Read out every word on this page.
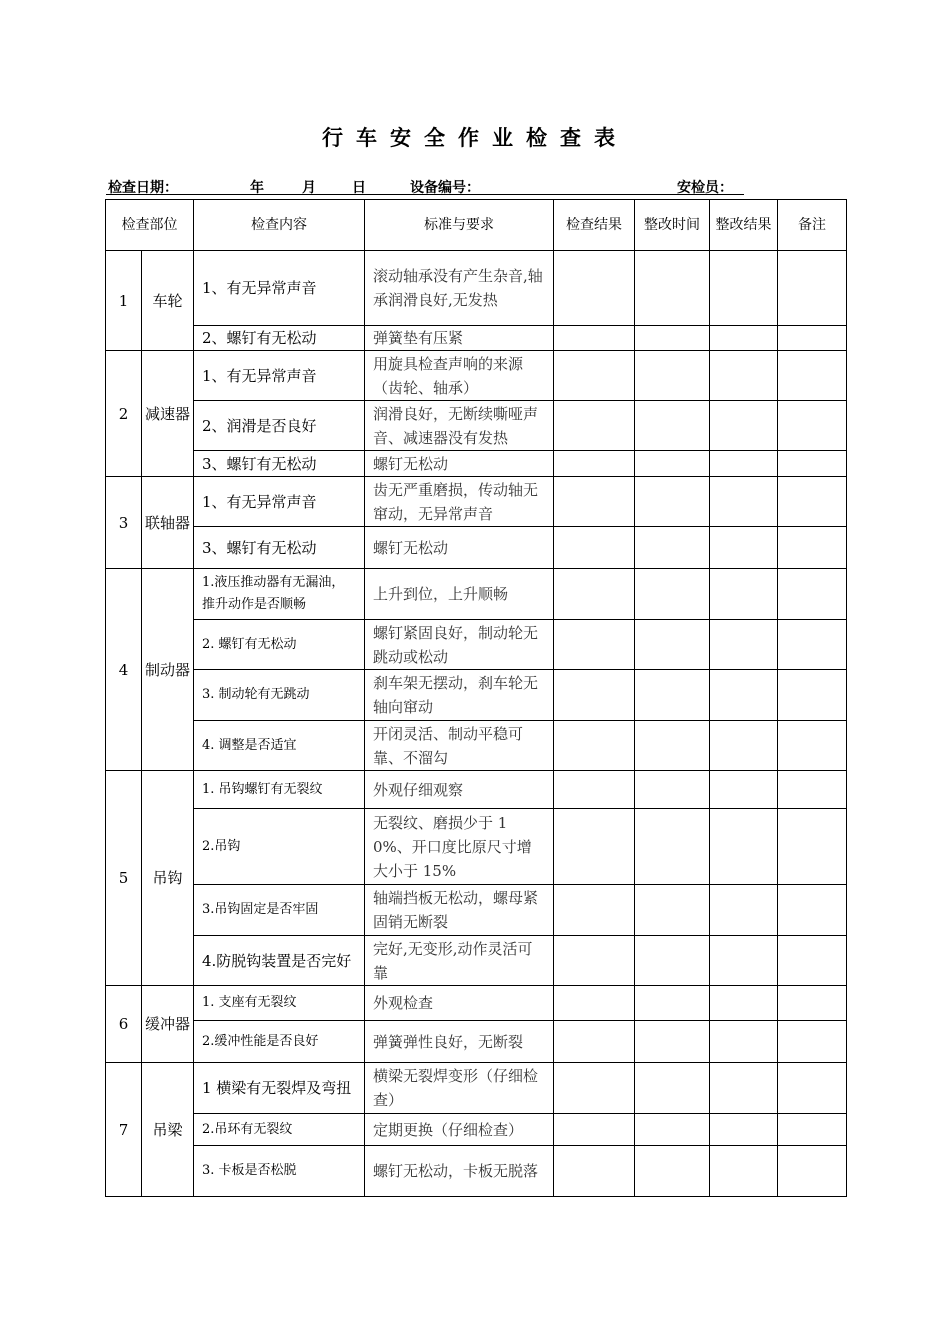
行车安全作业检查表
检查日期：	年	月	日	设备编号：	安检员：
检查部位		检查内容	标准与要求	检查结果	整改时间	整改结果	备注
1	车轮	1、有无异常声音	滚动轴承没有产生杂音,轴承润滑良好,无发热				
		2、螺钉有无松动	弹簧垫有压紧				
2	减速器	1、有无异常声音	用旋具检查声响的来源（齿轮、轴承）				
		2、润滑是否良好	润滑良好，无断续嘶哑声音、减速器没有发热				
		3、螺钉有无松动	螺钉无松动				
3	联轴器	1、有无异常声音	齿无严重磨损，传动轴无窜动，无异常声音				
		3、螺钉有无松动	螺钉无松动				
4	制动器	1.液压推动器有无漏油，推升动作是否顺畅	上升到位，上升顺畅				
		2. 螺钉有无松动	螺钉紧固良好，制动轮无跳动或松动				
		3. 制动轮有无跳动	刹车架无摆动，刹车轮无轴向窜动				
		4. 调整是否适宜	开闭灵活、制动平稳可靠、不溜勾				
5	吊钩	1. 吊钩螺钉有无裂纹	外观仔细观察				
		2.吊钩	无裂纹、磨损少于 10%、开口度比原尺寸增大小于 15%				
		3.吊钩固定是否牢固	轴端挡板无松动，螺母紧固销无断裂				
		4.防脱钩装置是否完好	完好,无变形,动作灵活可靠				
6	缓冲器	1. 支座有无裂纹	外观检查				
		2.缓冲性能是否良好	弹簧弹性良好，无断裂				
7	吊梁	1 横梁有无裂焊及弯扭	横梁无裂焊变形（仔细检查）				
		2.吊环有无裂纹	定期更换（仔细检查）				
		3. 卡板是否松脱	螺钉无松动，卡板无脱落				
